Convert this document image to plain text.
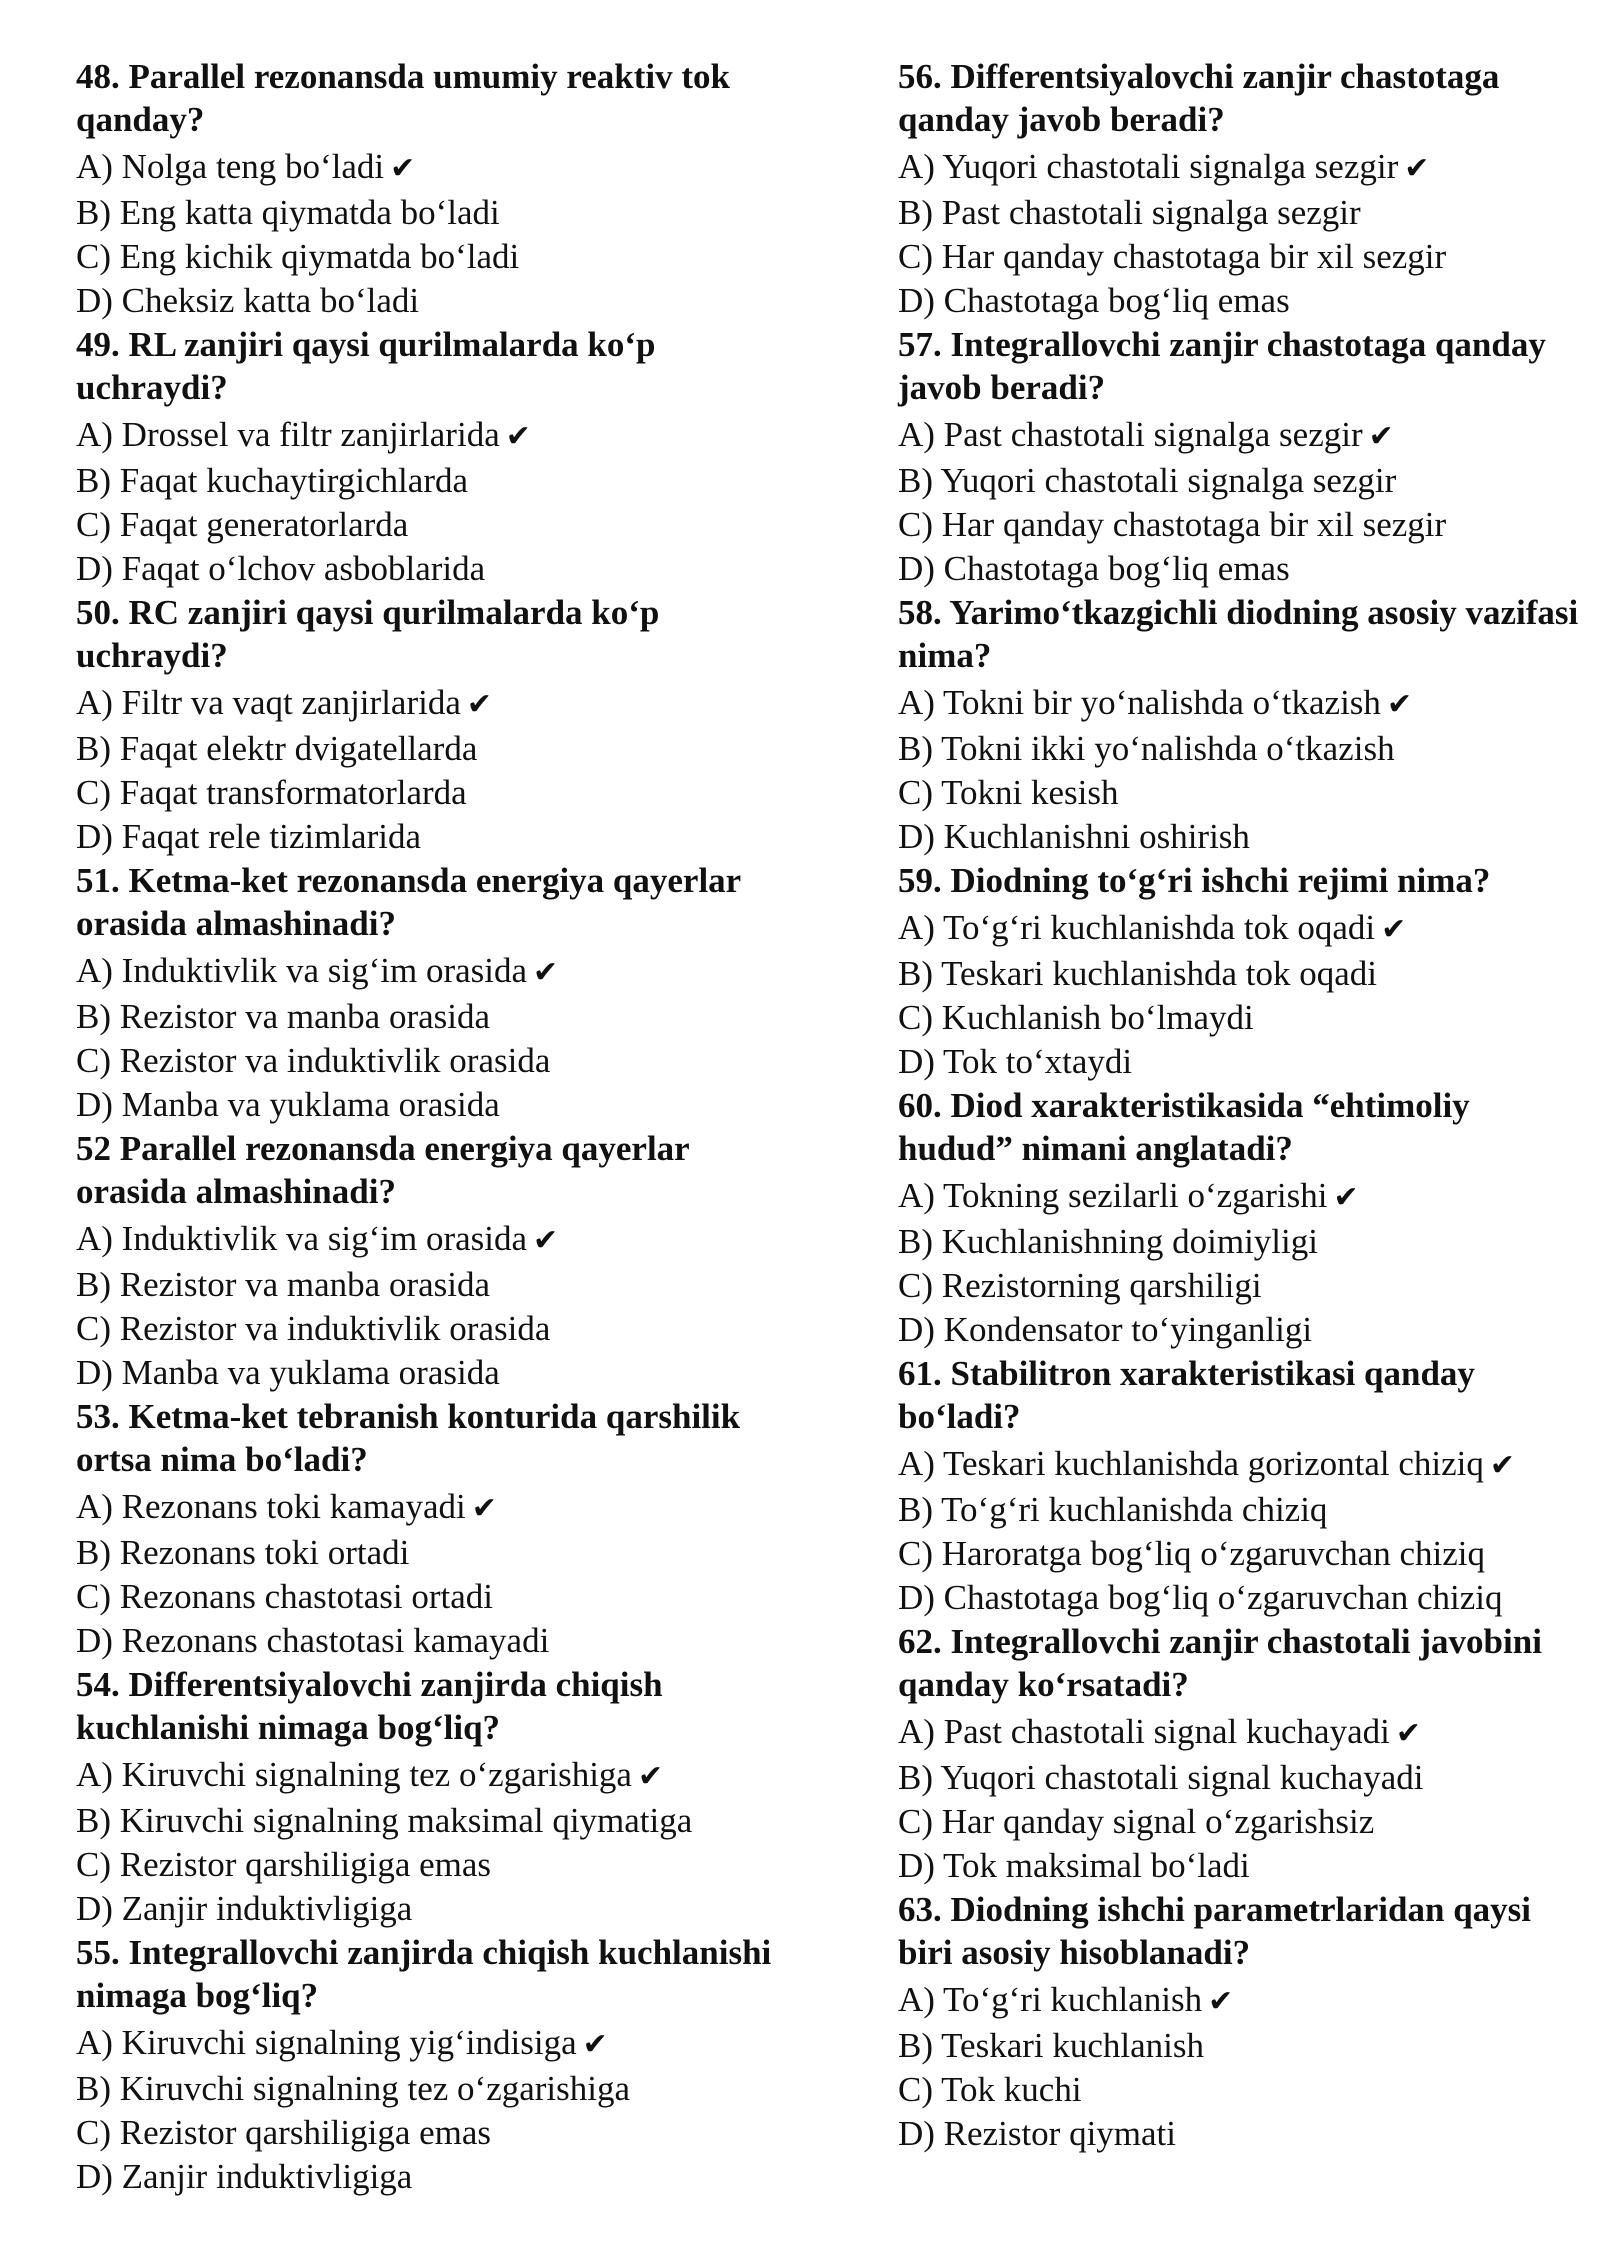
48. Parallel rezonansda umumiy reaktiv tok qanday?
A) Nolga teng bo‘ladi ✔
B) Eng katta qiymatda bo‘ladi
C) Eng kichik qiymatda bo‘ladi
D) Cheksiz katta bo‘ladi
49. RL zanjiri qaysi qurilmalarda ko‘p uchraydi?
A) Drossel va filtr zanjirlarida ✔
B) Faqat kuchaytirgichlarda
C) Faqat generatorlarda
D) Faqat o‘lchov asboblarida
50. RC zanjiri qaysi qurilmalarda ko‘p uchraydi?
A) Filtr va vaqt zanjirlarida ✔
B) Faqat elektr dvigatellarda
C) Faqat transformatorlarda
D) Faqat rele tizimlarida
51. Ketma-ket rezonansda energiya qayerlar orasida almashinadi?
A) Induktivlik va sig‘im orasida ✔
B) Rezistor va manba orasida
C) Rezistor va induktivlik orasida
D) Manba va yuklama orasida
52 Parallel rezonansda energiya qayerlar orasida almashinadi?
A) Induktivlik va sig‘im orasida ✔
B) Rezistor va manba orasida
C) Rezistor va induktivlik orasida
D) Manba va yuklama orasida
53. Ketma-ket tebranish konturida qarshilik ortsa nima bo‘ladi?
A) Rezonans toki kamayadi ✔
B) Rezonans toki ortadi
C) Rezonans chastotasi ortadi
D) Rezonans chastotasi kamayadi
54. Differentsiyalovchi zanjirda chiqish kuchlanishi nimaga bog‘liq?
A) Kiruvchi signalning tez o‘zgarishiga ✔
B) Kiruvchi signalning maksimal qiymatiga
C) Rezistor qarshiligiga emas
D) Zanjir induktivligiga
55. Integrallovchi zanjirda chiqish kuchlanishi nimaga bog‘liq?
A) Kiruvchi signalning yig‘indisiga ✔
B) Kiruvchi signalning tez o‘zgarishiga
C) Rezistor qarshiligiga emas
D) Zanjir induktivligiga
56. Differentsiyalovchi zanjir chastotaga qanday javob beradi?
A) Yuqori chastotali signalga sezgir ✔
B) Past chastotali signalga sezgir
C) Har qanday chastotaga bir xil sezgir
D) Chastotaga bog‘liq emas
57. Integrallovchi zanjir chastotaga qanday javob beradi?
A) Past chastotali signalga sezgir ✔
B) Yuqori chastotali signalga sezgir
C) Har qanday chastotaga bir xil sezgir
D) Chastotaga bog‘liq emas
58. Yarimo‘tkazgichli diodning asosiy vazifasi nima?
A) Tokni bir yo‘nalishda o‘tkazish ✔
B) Tokni ikki yo‘nalishda o‘tkazish
C) Tokni kesish
D) Kuchlanishni oshirish
59. Diodning to‘g‘ri ishchi rejimi nima?
A) To‘g‘ri kuchlanishda tok oqadi ✔
B) Teskari kuchlanishda tok oqadi
C) Kuchlanish bo‘lmaydi
D) Tok to‘xtaydi
60. Diod xarakteristikasida “ehtimoliy hudud” nimani anglatadi?
A) Tokning sezilarli o‘zgarishi ✔
B) Kuchlanishning doimiyligi
C) Rezistorning qarshiligi
D) Kondensator to‘yinganligi
61. Stabilitron xarakteristikasi qanday bo‘ladi?
A) Teskari kuchlanishda gorizontal chiziq ✔
B) To‘g‘ri kuchlanishda chiziq
C) Haroratga bog‘liq o‘zgaruvchan chiziq
D) Chastotaga bog‘liq o‘zgaruvchan chiziq
62. Integrallovchi zanjir chastotali javobini qanday ko‘rsatadi?
A) Past chastotali signal kuchayadi ✔
B) Yuqori chastotali signal kuchayadi
C) Har qanday signal o‘zgarishsiz
D) Tok maksimal bo‘ladi
63. Diodning ishchi parametrlaridan qaysi biri asosiy hisoblanadi?
A) To‘g‘ri kuchlanish ✔
B) Teskari kuchlanish
C) Tok kuchi
D) Rezistor qiymati
